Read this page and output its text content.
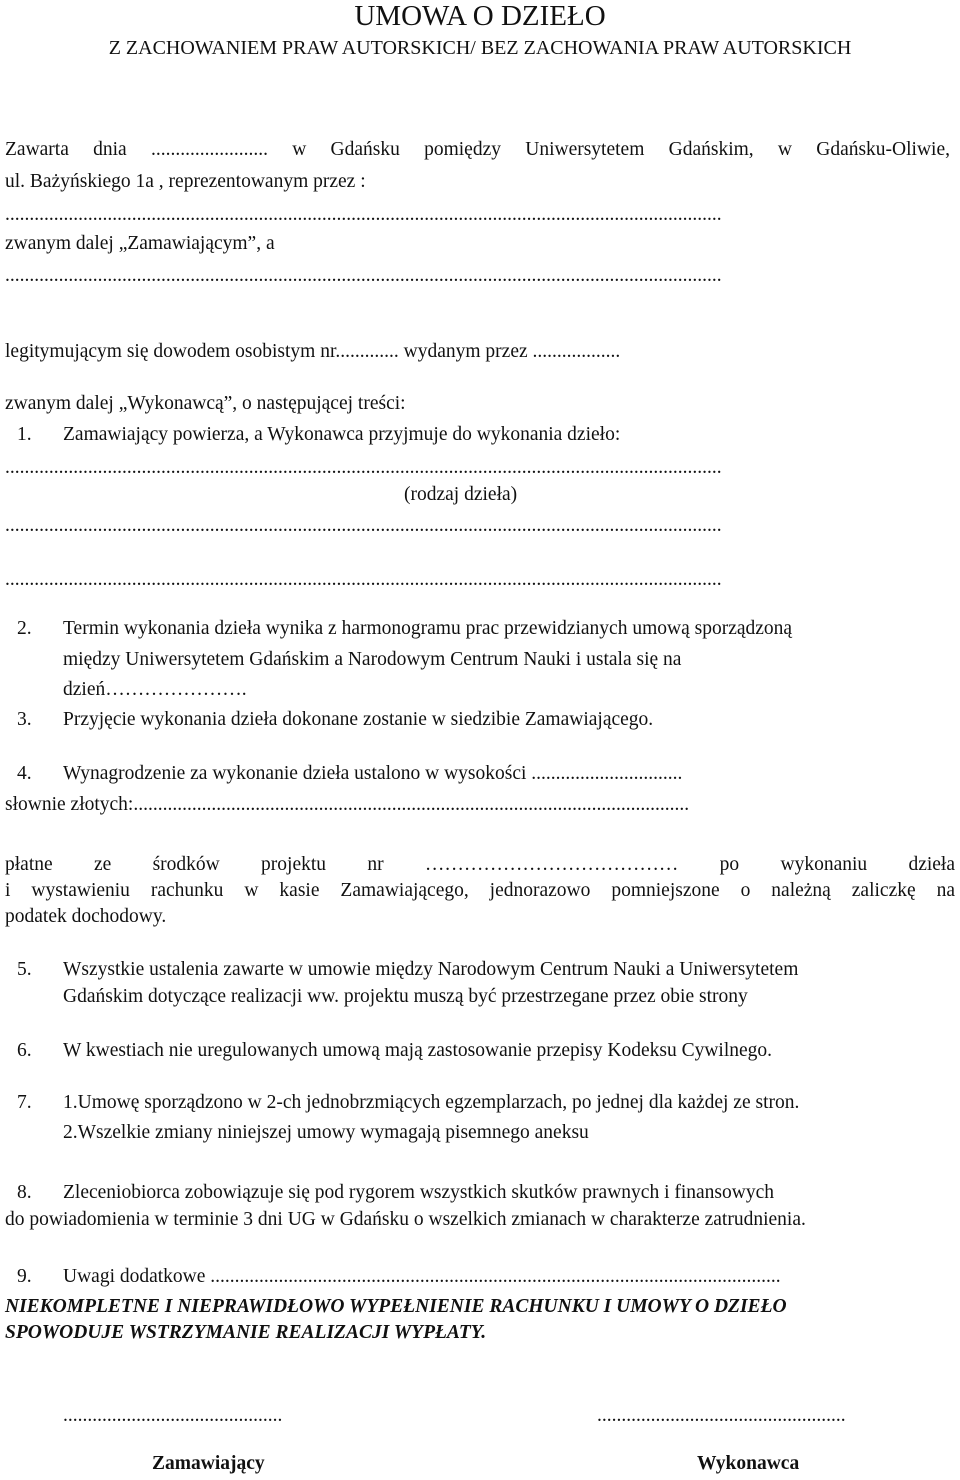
UMOWA O DZIEŁO
Z ZACHOWANIEM PRAW AUTORSKICH/ BEZ ZACHOWANIA PRAW AUTORSKICH
Zawarta dnia ........................ w Gdańsku pomiędzy Uniwersytetem Gdańskim, w Gdańsku-Oliwie,
ul. Bażyńskiego 1a , reprezentowanym przez :
...................................................................................................................................................
zwanym dalej „Zamawiającym”, a
...................................................................................................................................................
legitymującym się dowodem osobistym nr............. wydanym przez ..................
zwanym dalej „Wykonawcą”, o następującej treści:
1. Zamawiający powierza, a Wykonawca przyjmuje do wykonania dzieło:
...................................................................................................................................................
(rodzaj dzieła)
...................................................................................................................................................
...................................................................................................................................................
2. Termin wykonania dzieła wynika z harmonogramu prac przewidzianych umową sporządzoną
między Uniwersytetem Gdańskim a Narodowym Centrum Nauki i ustala się na
dzień………………….
3. Przyjęcie wykonania dzieła dokonane zostanie w siedzibie Zamawiającego.
4. Wynagrodzenie za wykonanie dzieła ustalono w wysokości ...............................
słownie złotych:..................................................................................................................
płatne ze środków projektu nr ………………………………… po wykonaniu dzieła
i wystawieniu rachunku w kasie Zamawiającego, jednorazowo pomniejszone o należną zaliczkę na
podatek dochodowy.
5. Wszystkie ustalenia zawarte w umowie między Narodowym Centrum Nauki a Uniwersytetem
Gdańskim dotyczące realizacji ww. projektu muszą być przestrzegane przez obie strony
6. W kwestiach nie uregulowanych umową mają zastosowanie przepisy Kodeksu Cywilnego.
7. 1.Umowę sporządzono w 2-ch jednobrzmiących egzemplarzach, po jednej dla każdej ze stron.
2.Wszelkie zmiany niniejszej umowy wymagają pisemnego aneksu
8. Zleceniobiorca zobowiązuje się pod rygorem wszystkich skutków prawnych i finansowych
do powiadomienia w terminie 3 dni UG w Gdańsku o wszelkich zmianach w charakterze zatrudnienia.
9. Uwagi dodatkowe .....................................................................................................................
NIEKOMPLETNE I NIEPRAWIDŁOWO WYPEŁNIENIE RACHUNKU I UMOWY O DZIEŁO
SPOWODUJE WSTRZYMANIE REALIZACJI WYPŁATY.
.............................................	...................................................
Zamawiający	Wykonawca
